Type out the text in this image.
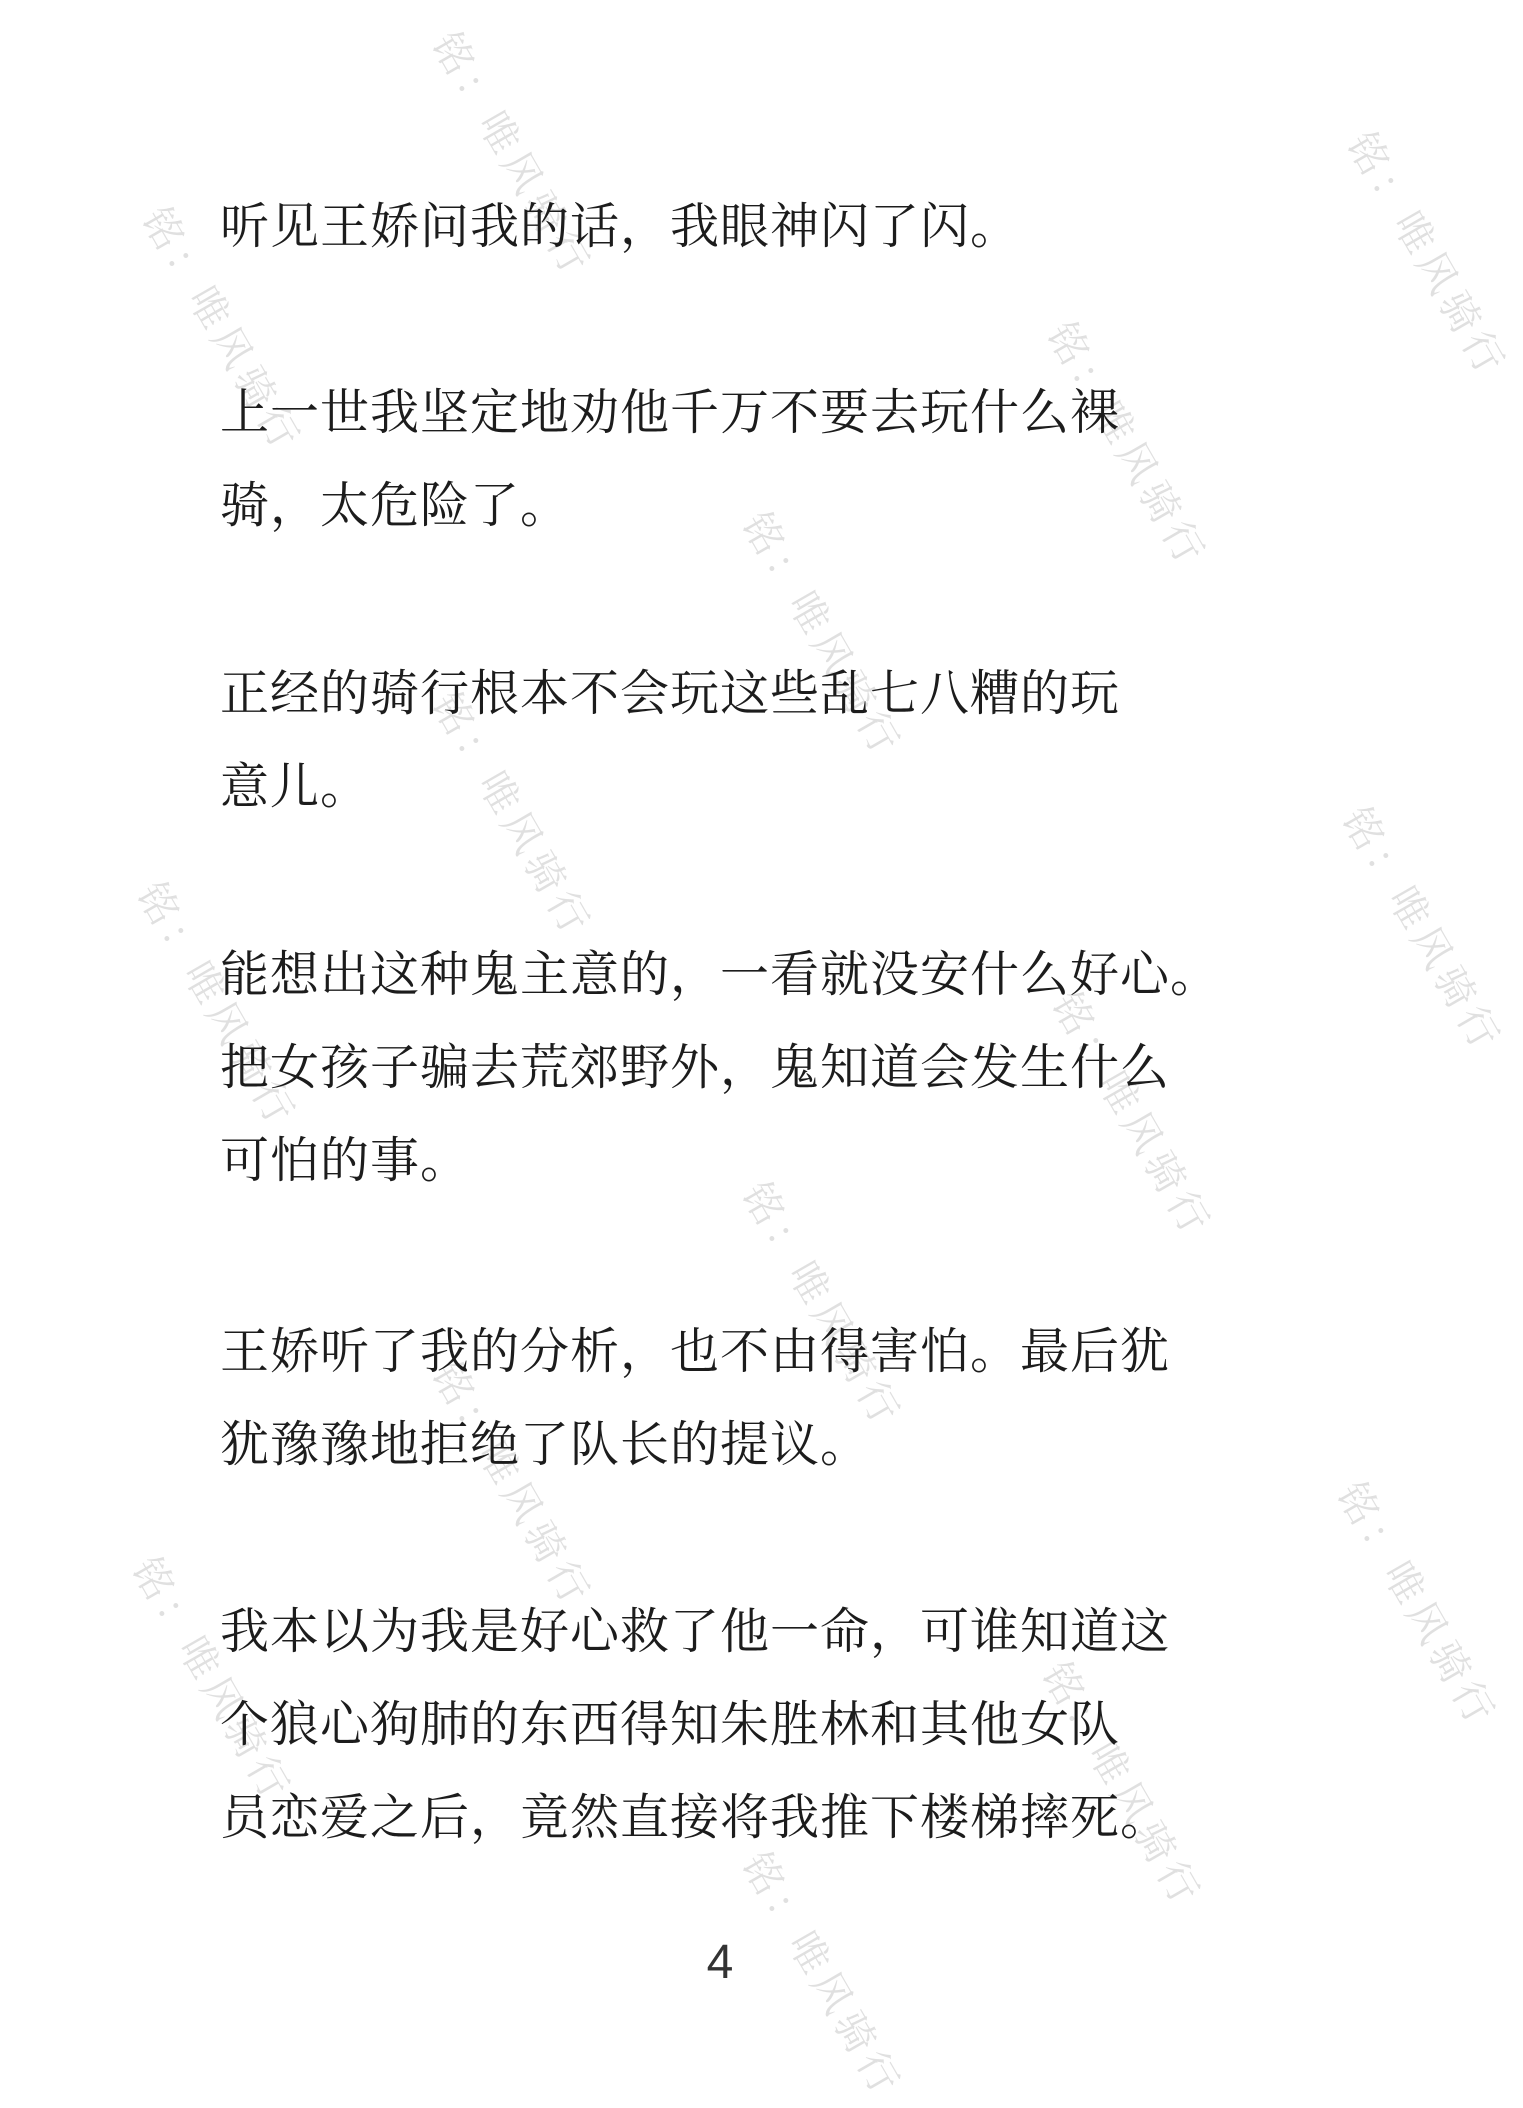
铭：唯风骑行	铭：唯风骑行
铭：唯风骑行	铭：唯风骑行
铭：唯风骑行
铭：唯风骑行	铭：唯风骑行
铭：唯风骑行	铭：唯风骑行
铭：唯风骑行
铭：唯风骑行	铭：唯风骑行
铭：唯风骑行	铭：唯风骑行
铭：唯风骑行
听见王娇问我的话，我眼神闪了闪。
上一世我坚定地劝他千万不要去玩什么裸
骑，太危险了。
正经的骑行根本不会玩这些乱七八糟的玩
意儿。
能想出这种鬼主意的，一看就没安什么好心。
把女孩子骗去荒郊野外，鬼知道会发生什么
可怕的事。
王娇听了我的分析，也不由得害怕。最后犹
犹豫豫地拒绝了队长的提议。
我本以为我是好心救了他一命，可谁知道这
个狼心狗肺的东西得知朱胜林和其他女队
员恋爱之后，竟然直接将我推下楼梯摔死。
4
